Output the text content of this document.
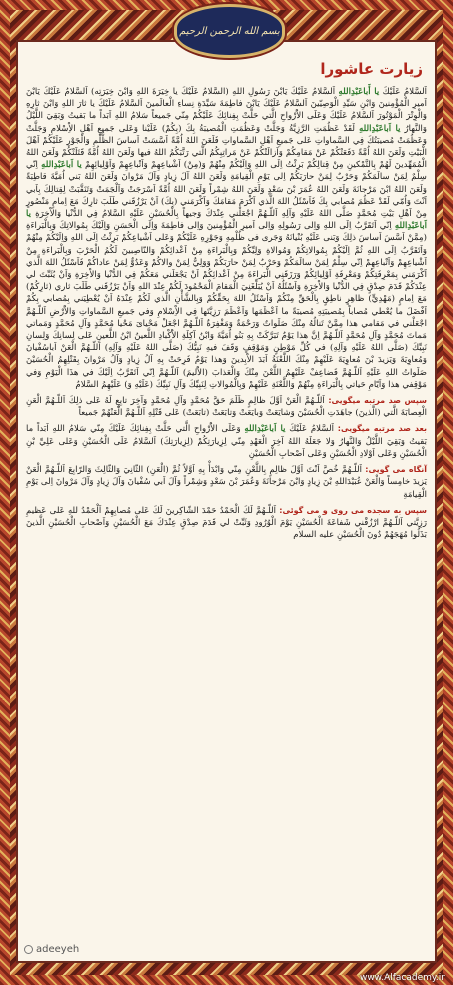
بسم الله الرحمن الرحیم
زیارت عاشورا

اَلسَّلامُ عَلَيْكَ يا أَباعَبْدِاللهِ اَلسَّلامُ عَلَيْكَ يَابْنَ رَسُولِ اللهِ (السَّلامُ عَلَيْكَ يا خِيَرَةَ اللهِ وَابْنَ خِيَرَتِه) اَلسَّلامُ عَلَيْكَ يَابْنَ اَميرِ الْمُؤْمِنينَ وَابْنِ سَيِّدِ الْوَصِيّينَ اَلسَّلامُ عَلَيْكَ يَابْنَ فاطِمَةَ سَيِّدَةِ نِساءِ الْعالَمينَ اَلسَّلامُ عَلَيْكَ يا ثارَ اللهِ وَابْنَ ثارِهِ وَالْوِتْرَ الْمَوْتُورَ اَلسَّلامُ عَلَيْكَ وَعَلَى الاَْرْواحِ الَّتي حَلَّتْ بِفِنائِكَ عَلَيْكُمْ مِنّي جَميعاً سَلامُ اللهِ اَبَداً ما بَقيتُ وَبَقِيَ اللَّيْلُ وَالنَّهارُ يا اَباعَبْدِاللهِ لَقَدْ عَظُمَتِ الرَّزِيَّةُ وَجَلَّتْ وَعَظُمَتِ الْمُصيبَةُ بِكَ (بِكُمْ) عَلَيْنا وَعَلى جَميعِ اَهْلِ الاِْسْلامِ وَجَلَّتْ وَعَظُمَتْ مُصيبَتُكَ فِي السَّماواتِ عَلى جَميعِ اَهْلِ السَّماواتِ فَلَعَنَ اللهُ اُمَّةً اَسَّسَتْ اَساسَ الظُّلْمِ وَالْجَوْرِ عَلَيْكُمْ اَهْلَ الْبَيْتِ وَلَعَنَ اللهُ اُمَّةً دَفَعَتْكُمْ عَنْ مَقامِكُمْ وَاَزالَتْكُمْ عَنْ مَراتِبِكُمُ الَّتي رَتَّبَكُمُ اللهُ فيها وَلَعَنَ اللهُ اُمَّةً قَتَلَتْكُمْ وَلَعَنَ اللهُ الْمُمَهِّدينَ لَهُمْ بِالتَّمْكينِ مِنْ قِتالِكُمْ بَرِئْتُ اِلَى اللهِ وَاِلَيْكُمْ مِنْهُمْ وَ(مِنْ) اَشْياعِهِمْ وَاَتْباعِهِمْ وَاَوْلِيائِهِمْ يا اَباعَبْدِاللهِ اِنّي سِلْمٌ لِمَنْ سالَمَكُمْ وَحَرْبٌ لِمَنْ حارَبَكُمْ اِلى يَوْمِ الْقِيامَةِ وَلَعَنَ اللهُ آلَ زِيادٍ وَآلَ مَرْوانَ وَلَعَنَ اللهُ بَني اُمَيَّةَ قاطِبَةً وَلَعَنَ اللهُ ابْنَ مَرْجانَةَ وَلَعَنَ اللهُ عُمَرَ بْنَ سَعْدٍ وَلَعَنَ اللهُ شِمْراً وَلَعَنَ اللهُ اُمَّةً اَسْرَجَتْ وَاَلْجَمَتْ وَتَنَقَّبَتْ لِقِتالِكَ بِاَبي اَنْتَ وَاُمّي لَقَدْ عَظُمَ مُصابي بِكَ فَاَسْئَلُ اللهَ الَّذي اَكْرَمَ مَقامَكَ وَاَكْرَمَني (بِكَ) اَنْ يَرْزُقَني طَلَبَ ثارِكَ مَعَ اِمامٍ مَنْصُورٍ مِنْ اَهْلِ بَيْتِ مُحَمَّدٍ صَلَّى اللهُ عَلَيْهِ وَآلِهِ اَللّـهُمَّ اجْعَلْني عِنْدَكَ وَجيهاً بِالْحُسَيْنِ عَلَيْهِ السَّلامُ فِي الدُّنْيا وَالاْخِرَةِ يا اَباعَبْدِاللهِ اِنّي اَتَقَرَّبُ اِلَى اللهِ وَاِلى رَسُولِهِ وَاِلى اَميرِ الْمُؤْمِنينَ وَاِلى فاطِمَةَ وَاِلَى الْحَسَنِ وَاِلَيْكَ بِمُوالاتِكَ وَبِالْبَراءَةِ (مِمَّنْ اَسَّسَ اَساسَ ذلِكَ وَبَنى عَلَيْهِ بُنْيانَهُ وَجَرى فى ظُلْمِهِ وَجَوْرِهِ عَلَيْكُمْ وَعَلى اَشْياعِكُمْ بَرِئْتُ اِلَى اللهِ وَاِلَيْكُمْ مِنْهُمْ وَاَتَقَرَّبُ اِلَى اللهِ ثُمَّ اِلَيْكُمْ بِمُوالاتِكُمْ وَمُوالاةِ وَلِيِّكُمْ وَبِالْبَراءَةِ مِنْ اَعْدائِكُمْ وَالنّاصِبينَ لَكُمُ الْحَرْبَ وَبِالْبَراءَةِ مِنْ اَشْياعِهِمْ وَاَتْباعِهِمْ اِنّي سِلْمٌ لِمَنْ سالَمَكُمْ وَحَرْبٌ لِمَنْ حارَبَكُمْ وَوَلِيٌّ لِمَنْ والاكُمْ وَعَدُوٌّ لِمَنْ عاداكُمْ فَاَسْئَلُ اللهَ الَّذي اَكْرَمَني بِمَعْرِفَتِكُمْ وَمَعْرِفَةِ اَوْلِيائِكُمْ وَرَزَقَنِي الْبَراءَةَ مِنْ اَعْدائِكُمْ اَنْ يَجْعَلَني مَعَكُمْ فِي الدُّنْيا وَالاْخِرَةِ وَاَنْ يُثَبِّتَ لي عِنْدَكُمْ قَدَمَ صِدْقٍ فِي الدُّنْيا وَالاْخِرَةِ وَاَسْئَلُهُ اَنْ يُبَلِّغَنِيَ الْمَقامَ الْمَحْمُودَ لَكُمْ عِنْدَ اللهِ وَاَنْ يَرْزُقَني طَلَبَ ثاري (ثارِكُمْ) مَعَ اِمامٍ (مَهْدِيٍّ) ظاهِرٍ ناطِقٍ بِالْحَقِّ مِنْكُمْ وَاَسْئَلُ اللهَ بِحَقِّكُمْ وَبِالشَّأْنِ الَّذي لَكُمْ عِنْدَهُ اَنْ يُعْطِيَني بِمُصابي بِكُمْ اَفْضَلَ ما يُعْطي مُصاباً بِمُصيبَتِهِ مُصيبَةً ما اَعْظَمَها وَاَعْظَمَ رَزِيَّتَها فِي الاِْسْلامِ وَفي جَميعِ السَّماواتِ وَالاَْرْضِ اَللّـهُمَّ اجْعَلْني في مَقامي هذا مِمَّنْ تَنالُهُ مِنْكَ صَلَواتٌ وَرَحْمَةٌ وَمَغْفِرَةٌ اَللّـهُمَّ اجْعَلْ مَحْياىَ مَحْيا مُحَمَّدٍ وَآلِ مُحَمَّدٍ وَمَماتي مَماتَ مُحَمَّدٍ وَآلِ مُحَمَّدٍ اَللّـهُمَّ اِنَّ هذا يَوْمٌ تَبَرَّكَتْ بِهِ بَنُو اُمَيَّةَ وَابْنُ آكِلَةِ الاَْكْبادِ اللَّعينُ ابْنُ اللَّعينِ عَلى لِسانِكَ وَلِسانِ نَبِيِّكَ (صَلَّى اللهُ عَلَيْهِ وَآلِهِ) في كُلِّ مَوْطِنٍ وَمَوْقِفٍ وَقَفَ فيهِ نَبِيُّكَ (صَلَّى اللهُ عَلَيْهِ وَآلِهِ) اَللّـهُمَّ الْعَنْ اَباسُفْيانَ وَمُعاوِيَةَ وَيَزيدَ بْنَ مُعاوِيَةَ عَلَيْهِمْ مِنْكَ اللَّعْنَةُ اَبَدَ الاْبِدينَ وَهذا يَوْمٌ فَرِحَتْ بِهِ آلُ زِيادٍ وَآلُ مَرْوانَ بِقَتْلِهِمُ الْحُسَيْنَ صَلَواتُ اللهِ عَلَيْهِ اَللّـهُمَّ فَضاعِفْ عَلَيْهِمُ اللَّعْنَ مِنْكَ وَالْعَذابَ (الاَْليمَ) اَللّـهُمَّ اِنّي اَتَقَرَّبُ اِلَيْكَ في هذَا الْيَوْمِ وَفي مَوْقِفي هذا وَاَيّامِ حَياتي بِالْبَراءَةِ مِنْهُمْ وَاللَّعْنَةِ عَلَيْهِمْ وَبِالْمُوالاتِ لِنَبِيِّكَ وَآلِ نَبِيِّكَ (عَلَيْهِ وَ) عَلَيْهِمُ السَّلامُ

سپس صد مرتبه میگویی: اَللّـهُمَّ الْعَنْ اَوَّلَ ظالِمٍ ظَلَمَ حَقَّ مُحَمَّدٍ وَآلِ مُحَمَّدٍ وَآخِرَ تابِعٍ لَهُ عَلى ذلِكَ اَللّـهُمَّ الْعَنِ الْعِصابَةَ الَّتي (الَّذينَ) جاهَدَتِ الْحُسَيْنَ وَشايَعَتْ وَبايَعَتْ وَتابَعَتْ (تابَعَتْ) عَلى قَتْلِهِ اَللّـهُمَّ الْعَنْهُمْ جَميعاً

بعد صد مرتبه میگویی: اَلسَّلامُ عَلَيْكَ يا اَباعَبْدِاللهِ وَعَلَى الاَْرْواحِ الَّتي حَلَّتْ بِفِنائِكَ عَلَيْكَ مِنّي سَلامُ اللهِ اَبَداً ما بَقيتُ وَبَقِيَ اللَّيْلُ وَالنَّهارُ وَلا جَعَلَهُ اللهُ آخِرَ الْعَهْدِ مِنّي لِزِيارَتِكُمْ (لِزِيارَتِكَ) اَلسَّلامُ عَلَى الْحُسَيْنِ وَعَلى عَلِيِّ بْنِ الْحُسَيْنِ وَعَلى اَوْلادِ الْحُسَيْنِ وَعَلى اَصْحابِ الْحُسَيْنِ

آنگاه می گویی: اَللّـهُمَّ خُصَّ اَنْتَ اَوَّلَ ظالِمٍ بِاللَّعْنِ مِنّي وَابْدَأْ بِهِ اَوَّلاً ثُمَّ (الْعَنِ) الثّانِيَ وَالثّالِثَ وَالرّابِعَ اَللّـهُمَّ الْعَنْ يَزيدَ خامِساً وَالْعَنْ عُبَيْدَاللهِ بْنَ زِيادٍ وَابْنَ مَرْجانَةَ وَعُمَرَ بْنَ سَعْدٍ وَشِمْراً وَآلَ اَبي سُفْيانَ وَآلَ زِيادٍ وَآلَ مَرْوانَ اِلى يَوْمِ الْقِيامَةِ

سپس به سجده می روی و می گوئی: اَللّـهُمَّ لَكَ الْحَمْدُ حَمْدَ الشّاكِرينَ لَكَ عَلى مُصابِهِمْ اَلْحَمْدُ للهِ عَلى عَظيمِ رَزِيَّتي اَللّـهُمَّ ارْزُقْني شَفاعَةَ الْحُسَيْنِ يَوْمَ الْوُرُودِ وَثَبِّتْ لي قَدَمَ صِدْقٍ عِنْدَكَ مَعَ الْحُسَيْنِ وَاَصْحابِ الْحُسَيْنِ الَّذينَ بَذَلُوا مُهَجَهُمْ دُونَ الْحُسَيْنِ عليه السلام

adeeyeh
www.Alfacademy.ir
